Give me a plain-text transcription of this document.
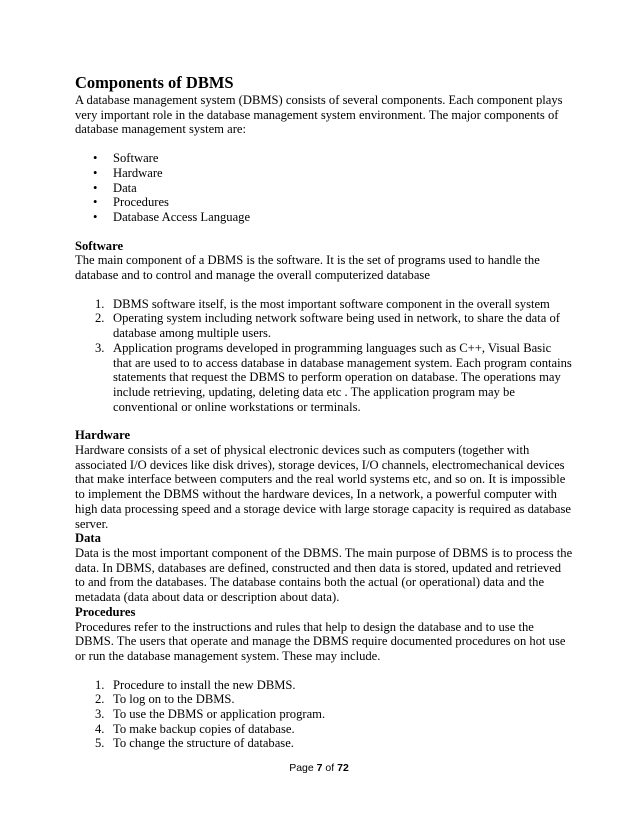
Components of DBMS

A database management system (DBMS) consists of several components. Each component plays very important role in the database management system environment. The major components of database management system are:

• Software
• Hardware
• Data
• Procedures
• Database Access Language

Software

The main component of a DBMS is the software. It is the set of programs used to handle the database and to control and manage the overall computerized database

1. DBMS software itself, is the most important software component in the overall system
2. Operating system including network software being used in network, to share the data of database among multiple users.
3. Application programs developed in programming languages such as C++, Visual Basic that are used to to access database in database management system. Each program contains statements that request the DBMS to perform operation on database. The operations may include retrieving, updating, deleting data etc . The application program may be conventional or online workstations or terminals.

Hardware

Hardware consists of a set of physical electronic devices such as computers (together with associated I/O devices like disk drives), storage devices, I/O channels, electromechanical devices that make interface between computers and the real world systems etc, and so on. It is impossible to implement the DBMS without the hardware devices, In a network, a powerful computer with high data processing speed and a storage device with large storage capacity is required as database server.

Data

Data is the most important component of the DBMS. The main purpose of DBMS is to process the data. In DBMS, databases are defined, constructed and then data is stored, updated and retrieved to and from the databases. The database contains both the actual (or operational) data and the metadata (data about data or description about data).

Procedures

Procedures refer to the instructions and rules that help to design the database and to use the DBMS. The users that operate and manage the DBMS require documented procedures on hot use or run the database management system. These may include.

1. Procedure to install the new DBMS.
2. To log on to the DBMS.
3. To use the DBMS or application program.
4. To make backup copies of database.
5. To change the structure of database.
Page 7 of 72
